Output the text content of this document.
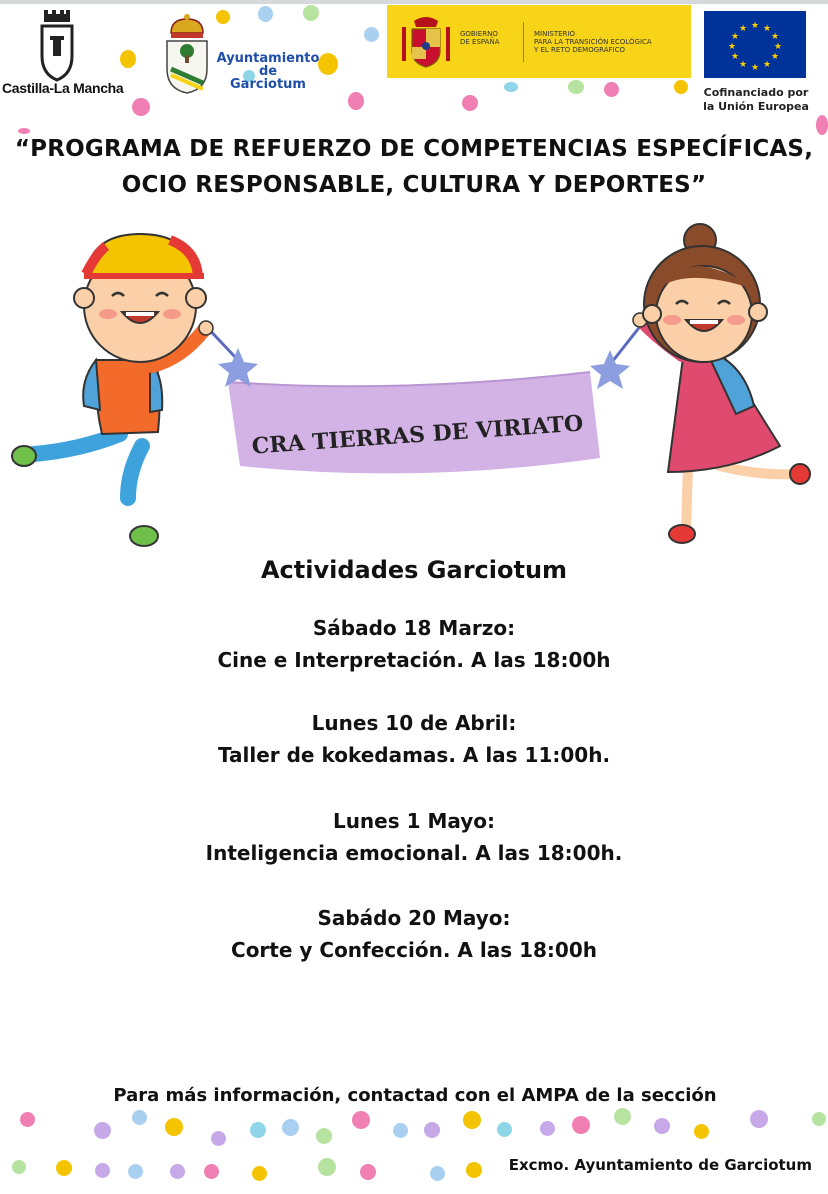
Castilla-La Mancha
Ayuntamiento
de
Garciotum
GOBIERNO
DE ESPAÑA
MINISTERIO
PARA LA TRANSICIÓN ECOLÓGICA
Y EL RETO DEMOGRÁFICO
★ ★
★
★
★
★
★
★
★
★
★
★
Cofinanciado por
la Unión Europea
“PROGRAMA DE REFUERZO DE COMPETENCIAS ESPECÍFICAS,
OCIO RESPONSABLE, CULTURA Y DEPORTES”
CRA TIERRAS DE VIRIATO
Actividades Garciotum
Sábado 18 Marzo:
Cine e Interpretación. A las 18:00h
Lunes 10 de Abril:
Taller de kokedamas. A las 11:00h.
Lunes 1 Mayo:
Inteligencia emocional. A las 18:00h.
Sabádo 20 Mayo:
Corte y Confección. A las 18:00h
Para más información, contactad con el AMPA de la sección
Excmo. Ayuntamiento de Garciotum
